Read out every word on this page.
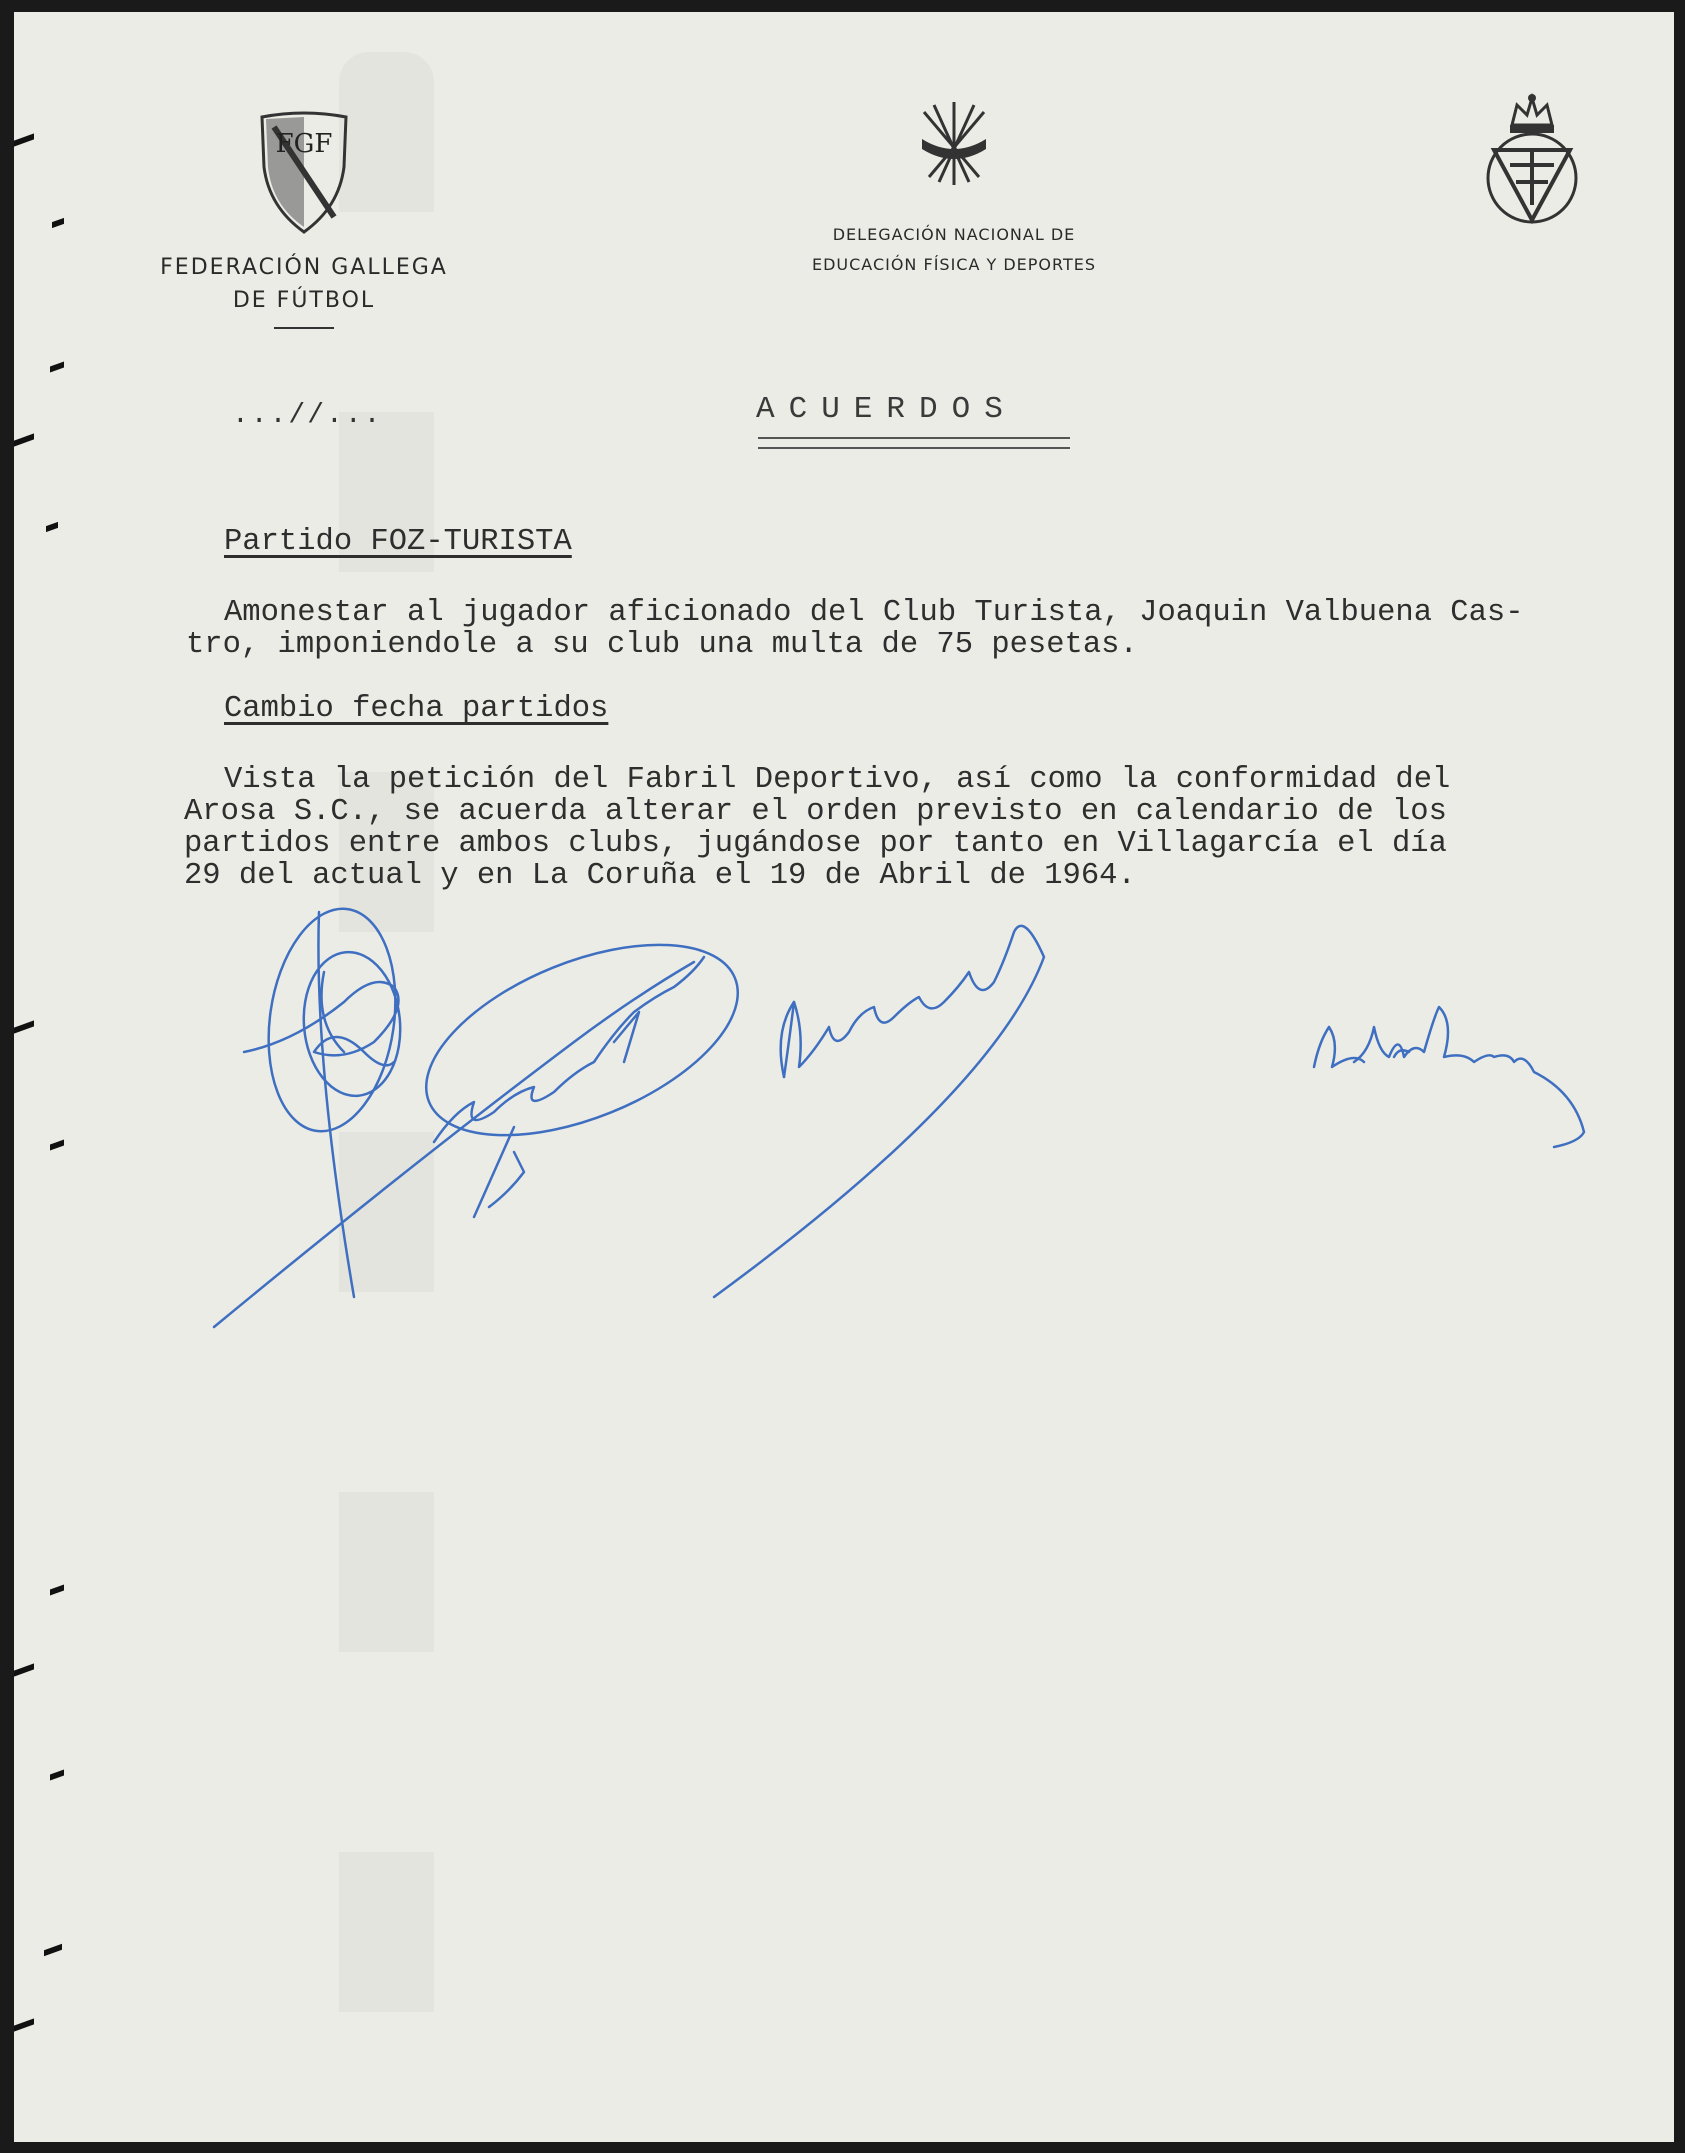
FGF
FEDERACIÓN GALLEGA
DE FÚTBOL
DELEGACIÓN NACIONAL DE
EDUCACIÓN FÍSICA Y DEPORTES
...//...	ACUERDOS
Partido FOZ-TURISTA
Amonestar al jugador aficionado del Club Turista, Joaquin Valbuena Cas-
tro, imponiendole a su club una multa de 75 pesetas.
Cambio fecha partidos
Vista la petición del Fabril Deportivo, así como la conformidad del
Arosa S.C., se acuerda alterar el orden previsto en calendario de los
partidos entre ambos clubs, jugándose por tanto en Villagarcía el día
29 del actual y en La Coruña el 19 de Abril de 1964.
